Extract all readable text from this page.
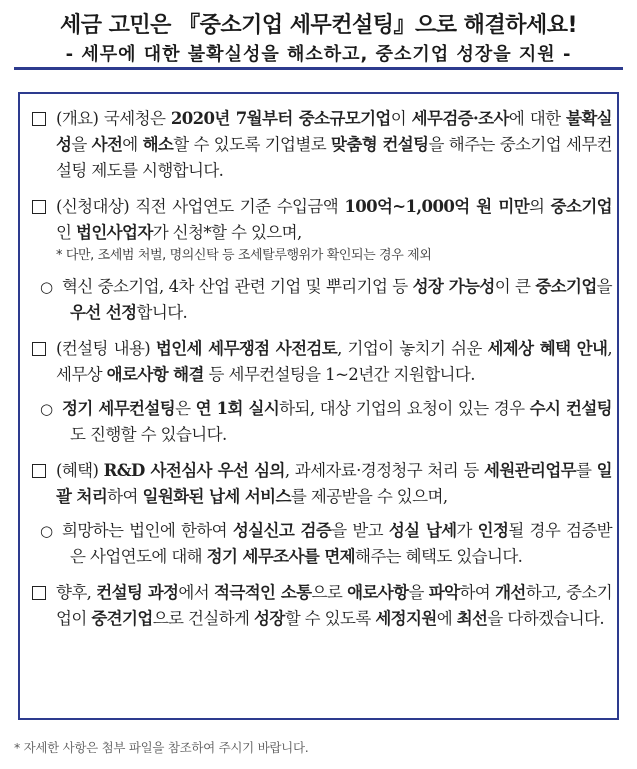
세금 고민은 『중소기업 세무컨설팅』으로 해결하세요!
- 세무에 대한 불확실성을 해소하고, 중소기업 성장을 지원 -
(개요) 국세청은 2020년 7월부터 중소규모기업이 세무검증·조사에 대한 불확실성을 사전에 해소할 수 있도록 기업별로 맞춤형 컨설팅을 해주는 중소기업 세무컨설팅 제도를 시행합니다.
(신청대상) 직전 사업연도 기준 수입금액 100억~1,000억 원 미만의 중소기업인 법인사업자가 신청*할 수 있으며,
* 다만, 조세범 처벌, 명의신탁 등 조세탈루행위가 확인되는 경우 제외
○ 혁신 중소기업, 4차 산업 관련 기업 및 뿌리기업 등 성장 가능성이 큰 중소기업을 우선 선정합니다.
(컨설팅 내용) 법인세 세무쟁점 사전검토, 기업이 놓치기 쉬운 세제상 혜택 안내, 세무상 애로사항 해결 등 세무컨설팅을 1~2년간 지원합니다.
○ 정기 세무컨설팅은 연 1회 실시하되, 대상 기업의 요청이 있는 경우 수시 컨설팅도 진행할 수 있습니다.
(혜택) R&D 사전심사 우선 심의, 과세자료·경정청구 처리 등 세원관리업무를 일괄 처리하여 일원화된 납세 서비스를 제공받을 수 있으며,
○ 희망하는 법인에 한하여 성실신고 검증을 받고 성실 납세가 인정될 경우 검증받은 사업연도에 대해 정기 세무조사를 면제해주는 혜택도 있습니다.
향후, 컨설팅 과정에서 적극적인 소통으로 애로사항을 파악하여 개선하고, 중소기업이 중견기업으로 건실하게 성장할 수 있도록 세정지원에 최선을 다하겠습니다.
* 자세한 사항은 첨부 파일을 참조하여 주시기 바랍니다.
